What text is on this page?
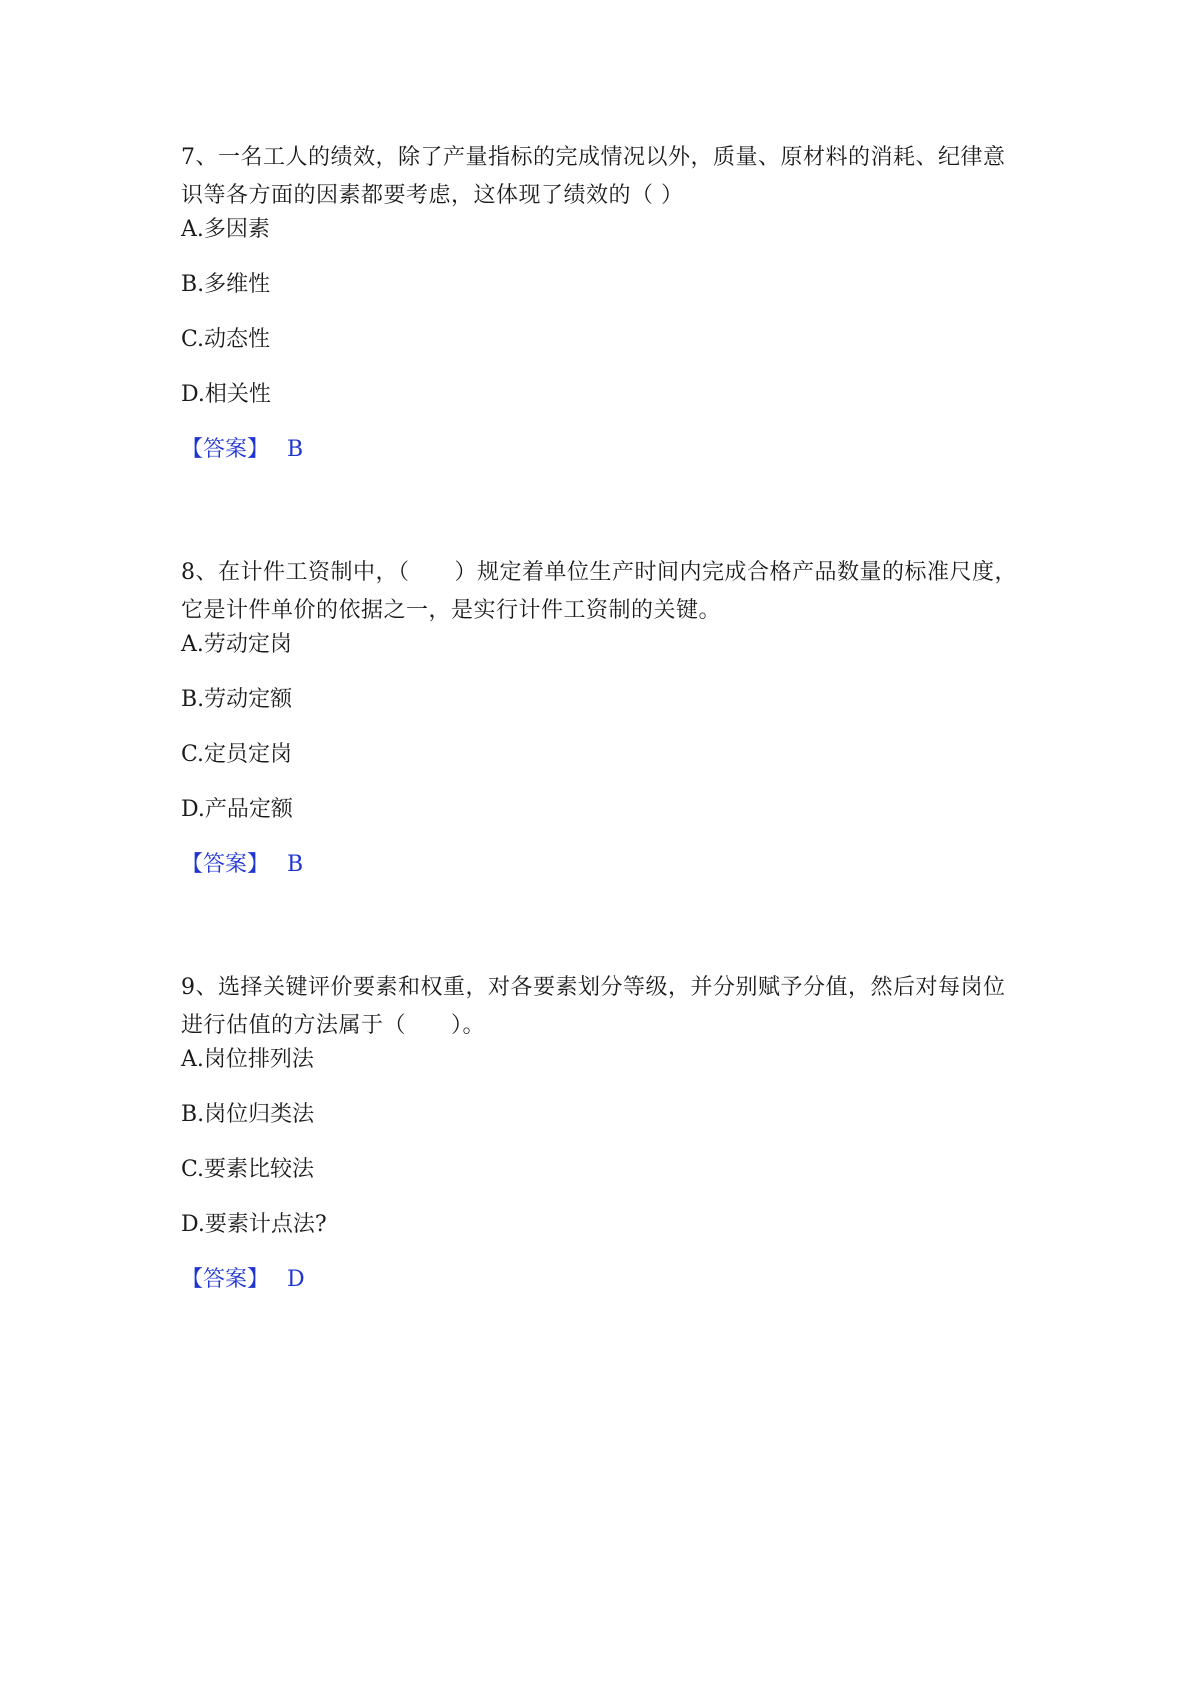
7、一名工人的绩效，除了产量指标的完成情况以外，质量、原材料的消耗、纪律意识等各方面的因素都要考虑，这体现了绩效的（ ）

A.多因素
B.多维性
C.动态性
D.相关性
【答案】 B

8、在计件工资制中，（　　）规定着单位生产时间内完成合格产品数量的标准尺度，它是计件单价的依据之一，是实行计件工资制的关键。

A.劳动定岗
B.劳动定额
C.定员定岗
D.产品定额
【答案】 B

9、选择关键评价要素和权重，对各要素划分等级，并分别赋予分值，然后对每岗位进行估值的方法属于（　　）。

A.岗位排列法
B.岗位归类法
C.要素比较法
D.要素计点法?
【答案】 D
